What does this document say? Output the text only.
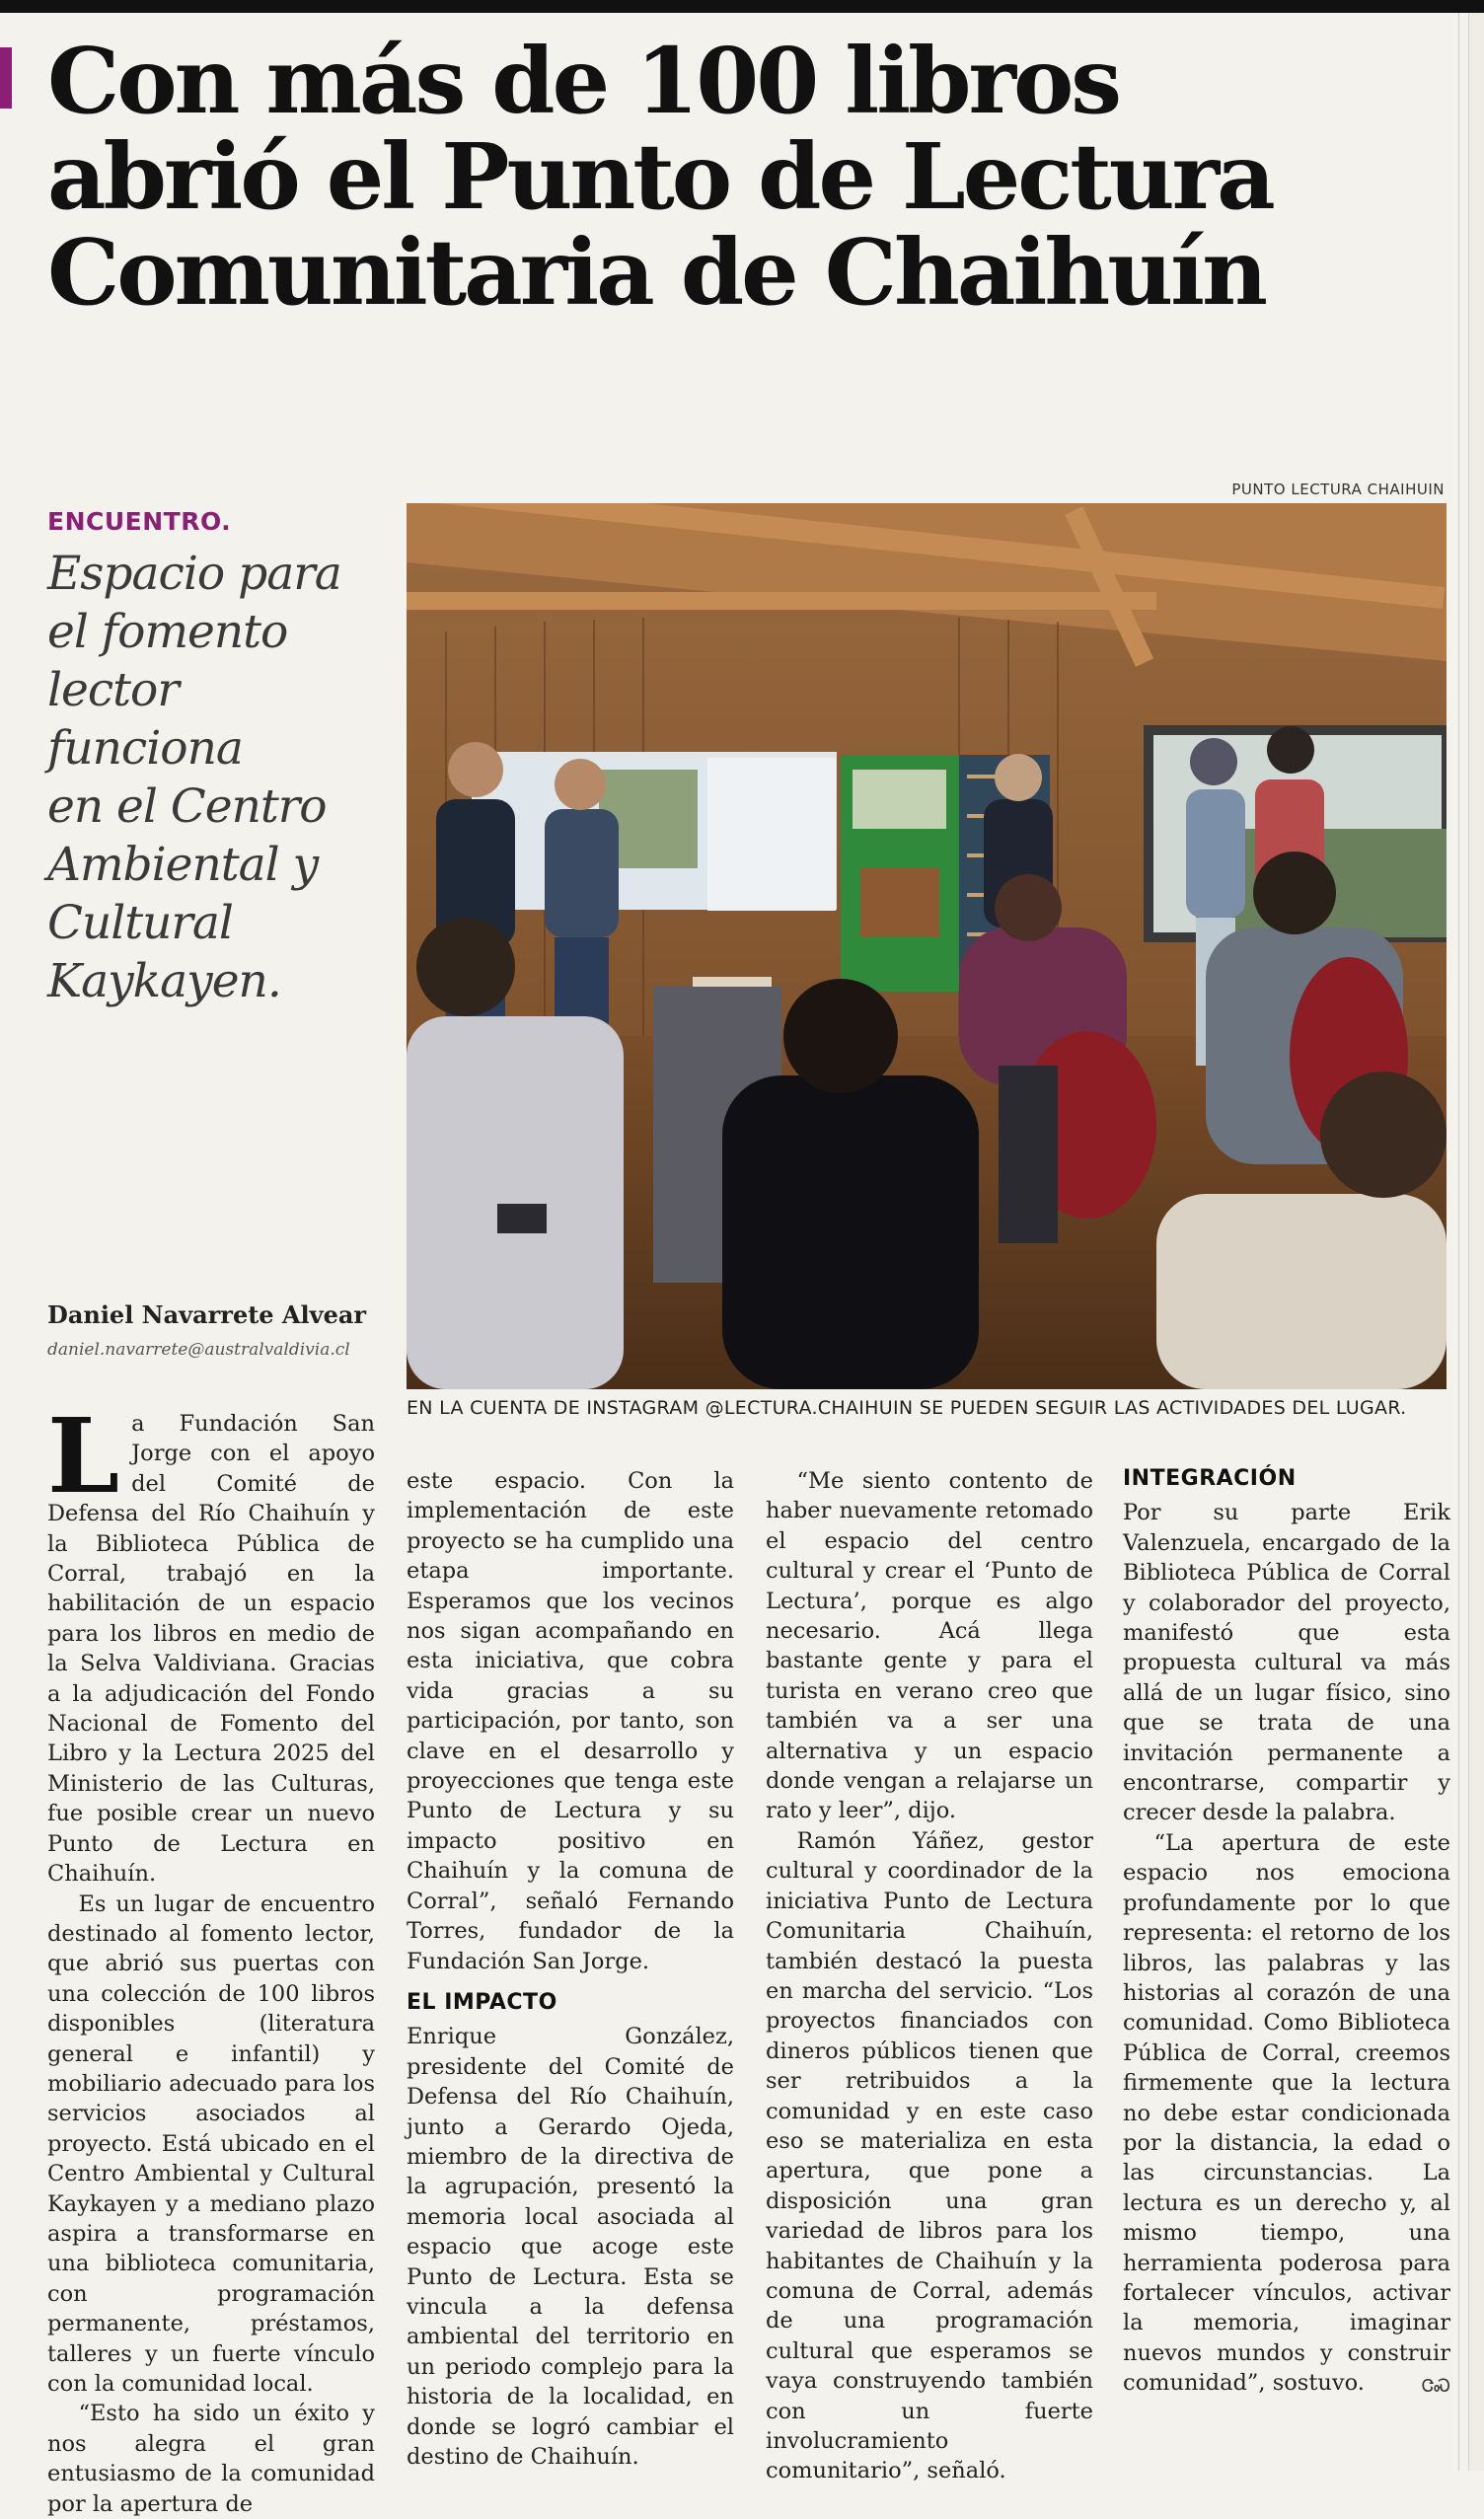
Con más de 100 libros
abrió el Punto de Lectura
Comunitaria de Chaihuín
PUNTO LECTURA CHAIHUIN
ENCUENTRO.
Espacio para
el fomento
lector
funciona
en el Centro
Ambiental y
Cultural
Kaykayen.
Daniel Navarrete Alvear
daniel.navarrete@australvaldivia.cl
EN LA CUENTA DE INSTAGRAM @LECTURA.CHAIHUIN SE PUEDEN SEGUIR LAS ACTIVIDADES DEL LUGAR.

La Fundación San Jorge con el apoyo del Comité de Defensa del Río Chaihuín y la Biblioteca Pública de Corral, trabajó en la habilitación de un espacio para los libros en medio de la Selva Valdiviana. Gracias a la adjudicación del Fondo Nacional de Fomento del Libro y la Lectura 2025 del Ministerio de las Culturas, fue posible crear un nuevo Punto de Lectura en Chaihuín.

Es un lugar de encuentro destinado al fomento lector, que abrió sus puertas con una colección de 100 libros disponibles (literatura general e infantil) y mobiliario adecuado para los servicios asociados al proyecto. Está ubicado en el Centro Ambiental y Cultural Kaykayen y a mediano plazo aspira a transformarse en una biblioteca comunitaria, con programación permanente, préstamos, talleres y un fuerte vínculo con la comunidad local.

“Esto ha sido un éxito y nos alegra el gran entusiasmo de la comunidad por la apertura de

este espacio. Con la implementación de este proyecto se ha cumplido una etapa importante. Esperamos que los vecinos nos sigan acompañando en esta iniciativa, que cobra vida gracias a su participación, por tanto, son clave en el desarrollo y proyecciones que tenga este Punto de Lectura y su impacto positivo en Chaihuín y la comuna de Corral”, señaló Fernando Torres, fundador de la Fundación San Jorge.

EL IMPACTO

Enrique González, presidente del Comité de Defensa del Río Chaihuín, junto a Gerardo Ojeda, miembro de la directiva de la agrupación, presentó la memoria local asociada al espacio que acoge este Punto de Lectura. Esta se vincula a la defensa ambiental del territorio en un periodo complejo para la historia de la localidad, en donde se logró cambiar el destino de Chaihuín.

“Me siento contento de haber nuevamente retomado el espacio del centro cultural y crear el ‘Punto de Lectura’, porque es algo necesario. Acá llega bastante gente y para el turista en verano creo que también va a ser una alternativa y un espacio donde vengan a relajarse un rato y leer”, dijo.

Ramón Yáñez, gestor cultural y coordinador de la iniciativa Punto de Lectura Comunitaria Chaihuín, también destacó la puesta en marcha del servicio. “Los proyectos financiados con dineros públicos tienen que ser retribuidos a la comunidad y en este caso eso se materializa en esta apertura, que pone a disposición una gran variedad de libros para los habitantes de Chaihuín y la comuna de Corral, además de una programación cultural que esperamos se vaya construyendo también con un fuerte involucramiento comunitario”, señaló.

INTEGRACIÓN

Por su parte Erik Valenzuela, encargado de la Biblioteca Pública de Corral y colaborador del proyecto, manifestó que esta propuesta cultural va más allá de un lugar físico, sino que se trata de una invitación permanente a encontrarse, compartir y crecer desde la palabra.

“La apertura de este espacio nos emociona profundamente por lo que representa: el retorno de los libros, las palabras y las historias al corazón de una comunidad. Como Biblioteca Pública de Corral, creemos firmemente que la lectura no debe estar condicionada por la distancia, la edad o las circunstancias. La lectura es un derecho y, al mismo tiempo, una herramienta poderosa para fortalecer vínculos, activar la memoria, imaginar nuevos mundos y construir comunidad”, sostuvo.	ᏣᏍ
